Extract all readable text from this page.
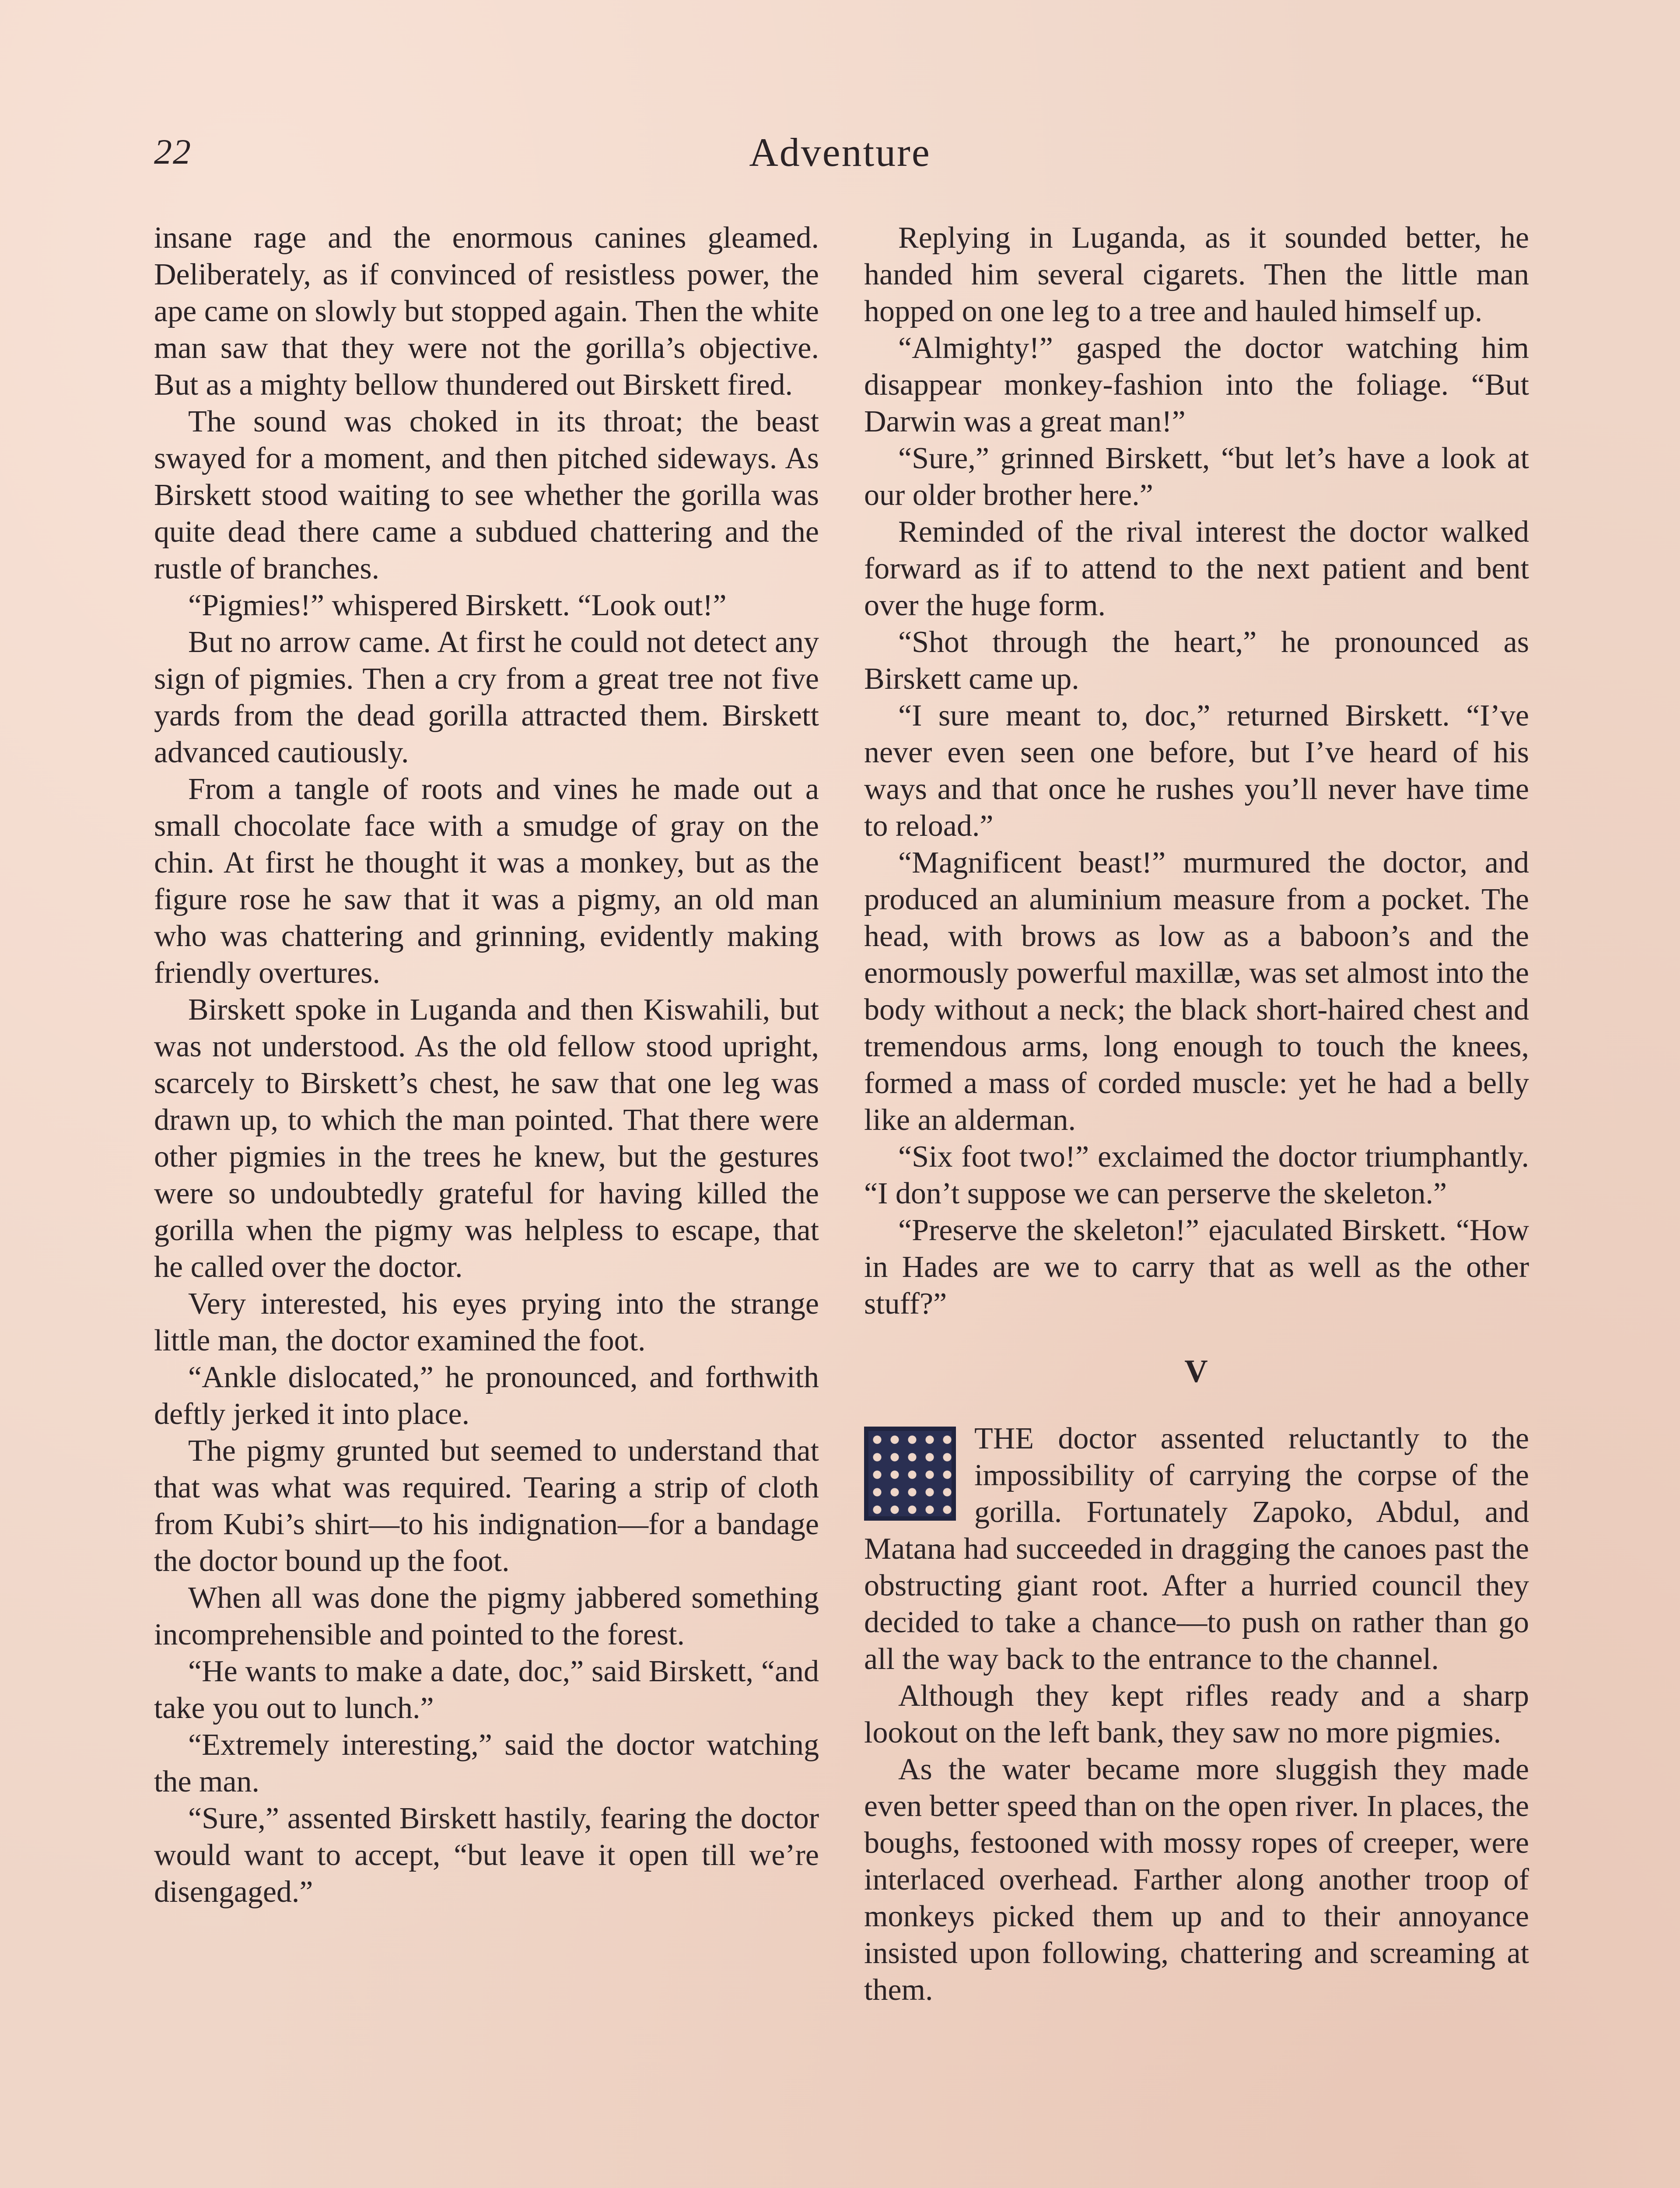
22	Adventure

insane rage and the enormous canines gleamed. Deliberately, as if convinced of resistless power, the ape came on slowly but stopped again. Then the white man saw that they were not the gorilla’s objective. But as a mighty bellow thundered out Birskett fired.

The sound was choked in its throat; the beast swayed for a moment, and then pitched sideways. As Birskett stood waiting to see whether the gorilla was quite dead there came a subdued chattering and the rustle of branches.

“Pigmies!” whispered Birskett. “Look out!”

But no arrow came. At first he could not detect any sign of pigmies. Then a cry from a great tree not five yards from the dead gorilla attracted them. Birskett advanced cautiously.

From a tangle of roots and vines he made out a small chocolate face with a smudge of gray on the chin. At first he thought it was a monkey, but as the figure rose he saw that it was a pigmy, an old man who was chattering and grinning, evidently making friendly overtures.

Birskett spoke in Luganda and then Kiswahili, but was not understood. As the old fellow stood upright, scarcely to Birskett’s chest, he saw that one leg was drawn up, to which the man pointed. That there were other pigmies in the trees he knew, but the gestures were so undoubtedly grateful for having killed the gorilla when the pigmy was helpless to escape, that he called over the doctor.

Very interested, his eyes prying into the strange little man, the doctor examined the foot.

“Ankle dislocated,” he pronounced, and forthwith deftly jerked it into place.

The pigmy grunted but seemed to understand that that was what was required. Tearing a strip of cloth from Kubi’s shirt—to his indignation—for a bandage the doctor bound up the foot.

When all was done the pigmy jabbered something incomprehensible and pointed to the forest.

“He wants to make a date, doc,” said Birskett, “and take you out to lunch.”

“Extremely interesting,” said the doctor watching the man.

“Sure,” assented Birskett hastily, fearing the doctor would want to accept, “but leave it open till we’re disengaged.”

Replying in Luganda, as it sounded better, he handed him several cigarets. Then the little man hopped on one leg to a tree and hauled himself up.

“Almighty!” gasped the doctor watching him disappear monkey-fashion into the foliage. “But Darwin was a great man!”

“Sure,” grinned Birskett, “but let’s have a look at our older brother here.”

Reminded of the rival interest the doctor walked forward as if to attend to the next patient and bent over the huge form.

“Shot through the heart,” he pronounced as Birskett came up.

“I sure meant to, doc,” returned Birskett. “I’ve never even seen one before, but I’ve heard of his ways and that once he rushes you’ll never have time to reload.”

“Magnificent beast!” murmured the doctor, and produced an aluminium measure from a pocket. The head, with brows as low as a baboon’s and the enormously powerful maxillæ, was set almost into the body without a neck; the black short-haired chest and tremendous arms, long enough to touch the knees, formed a mass of corded muscle: yet he had a belly like an alderman.

“Six foot two!” exclaimed the doctor triumphantly. “I don’t suppose we can perserve the skeleton.”

“Preserve the skeleton!” ejaculated Birskett. “How in Hades are we to carry that as well as the other stuff?”

V

THE doctor assented reluctantly to the impossibility of carrying the corpse of the gorilla. Fortunately Zapoko, Abdul, and Matana had succeeded in dragging the canoes past the obstructing giant root. After a hurried council they decided to take a chance—to push on rather than go all the way back to the entrance to the channel.

Although they kept rifles ready and a sharp lookout on the left bank, they saw no more pigmies.

As the water became more sluggish they made even better speed than on the open river. In places, the boughs, festooned with mossy ropes of creeper, were interlaced overhead. Farther along another troop of monkeys picked them up and to their annoyance insisted upon following, chattering and screaming at them.
